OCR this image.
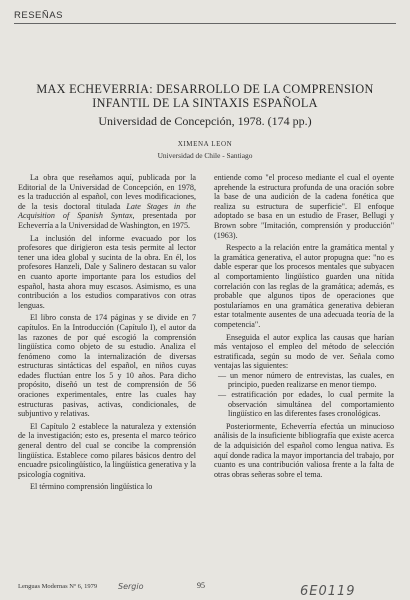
RESEÑAS
MAX ECHEVERRIA: DESARROLLO DE LA COMPRENSION
INFANTIL DE LA SINTAXIS ESPAÑOLA
Universidad de Concepción, 1978. (174 pp.)
XIMENA LEON
Universidad de Chile - Santiago

La obra que reseñamos aquí, publicada por la Editorial de la Universidad de Concepción, en 1978, es la traducción al español, con leves modificaciones, de la tesis doctoral titulada Late Stages in the Acquisition of Spanish Syntax, presentada por Echeverría a la Universidad de Washington, en 1975.

La inclusión del informe evacuado por los profesores que dirigieron esta tesis permite al lector tener una idea global y sucinta de la obra. En él, los profesores Hanzeli, Dale y Salinero destacan su valor en cuanto aporte importante para los estudios del español, hasta ahora muy escasos. Asimismo, es una contribución a los estudios comparativos con otras lenguas.

El libro consta de 174 páginas y se divide en 7 capítulos. En la Introducción (Capítulo I), el autor da las razones de por qué escogió la comprensión lingüística como objeto de su estudio. Analiza el fenómeno como la internalización de diversas estructuras sintácticas del español, en niños cuyas edades fluctúan entre los 5 y 10 años. Para dicho propósito, diseñó un test de comprensión de 56 oraciones experimentales, entre las cuales hay estructuras pasivas, activas, condicionales, de subjuntivo y relativas.

El Capítulo 2 establece la naturaleza y extensión de la investigación; esto es, presenta el marco teórico general dentro del cual se concibe la comprensión lingüística. Establece como pilares básicos dentro del encuadre psicolingüístico, la lingüística generativa y la psicología cognitiva.

El término comprensión lingüística lo

entiende como "el proceso mediante el cual el oyente aprehende la estructura profunda de una oración sobre la base de una audición de la cadena fonética que realiza su estructura de superficie". El enfoque adoptado se basa en un estudio de Fraser, Bellugi y Brown sobre "Imitación, comprensión y producción" (1963).

Respecto a la relación entre la gramática mental y la gramática generativa, el autor propugna que: "no es dable esperar que los procesos mentales que subyacen al comportamiento lingüístico guarden una nítida correlación con las reglas de la gramática; además, es probable que algunos tipos de operaciones que postularíamos en una gramática generativa debieran estar totalmente ausentes de una adecuada teoría de la competencia".

Enseguida el autor explica las causas que harían más ventajoso el empleo del método de selección estratificada, según su modo de ver. Señala como ventajas las siguientes:

— un menor número de entrevistas, las cuales, en principio, pueden realizarse en menor tiempo.
— estratificación por edades, lo cual permite la observación simultánea del comportamiento lingüístico en las diferentes fases cronológicas.

Posteriormente, Echeverría efectúa un minucioso análisis de la insuficiente bibliografía que existe acerca de la adquisición del español como lengua nativa. Es aquí donde radica la mayor importancia del trabajo, por cuanto es una contribución valiosa frente a la falta de otras obras señeras sobre el tema.

Lenguas Modernas Nº 6, 1979	Sergio	95	6E0119
